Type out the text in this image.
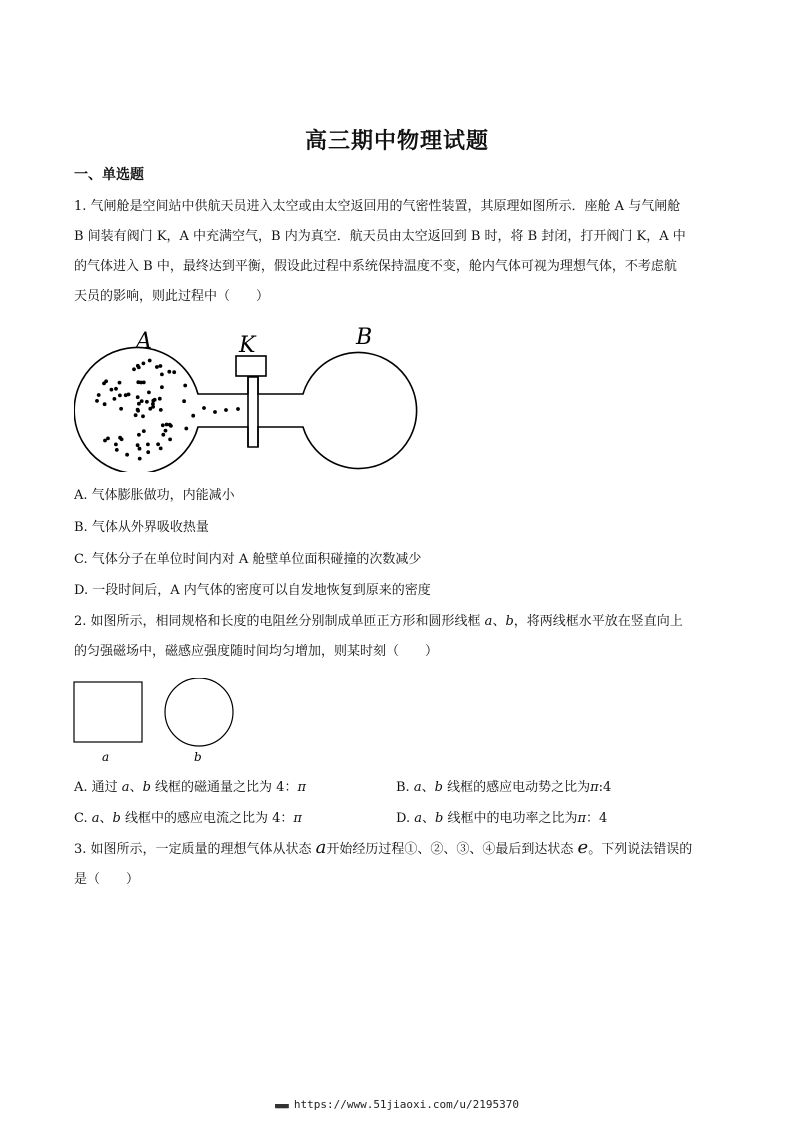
高三期中物理试题
一、单选题
1. 气闸舱是空间站中供航天员进入太空或由太空返回用的气密性装置，其原理如图所示．座舱 A 与气闸舱
B 间装有阀门 K，A 中充满空气，B 内为真空．航天员由太空返回到 B 时，将 B 封闭，打开阀门 K，A 中
的气体进入 B 中，最终达到平衡，假设此过程中系统保持温度不变，舱内气体可视为理想气体，不考虑航
天员的影响，则此过程中（　　）
A	K	B
A. 气体膨胀做功，内能减小
B. 气体从外界吸收热量
C. 气体分子在单位时间内对 A 舱壁单位面积碰撞的次数减少
D. 一段时间后，A 内气体的密度可以自发地恢复到原来的密度
2. 如图所示，相同规格和长度的电阻丝分别制成单匝正方形和圆形线框 a、b，将两线框水平放在竖直向上
的匀强磁场中，磁感应强度随时间均匀增加，则某时刻（　　）
a	b
A. 通过 a、b 线框的磁通量之比为 4：π	B. a、b 线框的感应电动势之比为π:4
C. a、b 线框中的感应电流之比为 4：π	D. a、b 线框中的电功率之比为π：4
3. 如图所示，一定质量的理想气体从状态 a开始经历过程①、②、③、④最后到达状态 e。下列说法错误的
是（　　）
■■■■ https://www.51jiaoxi.com/u/2195370
